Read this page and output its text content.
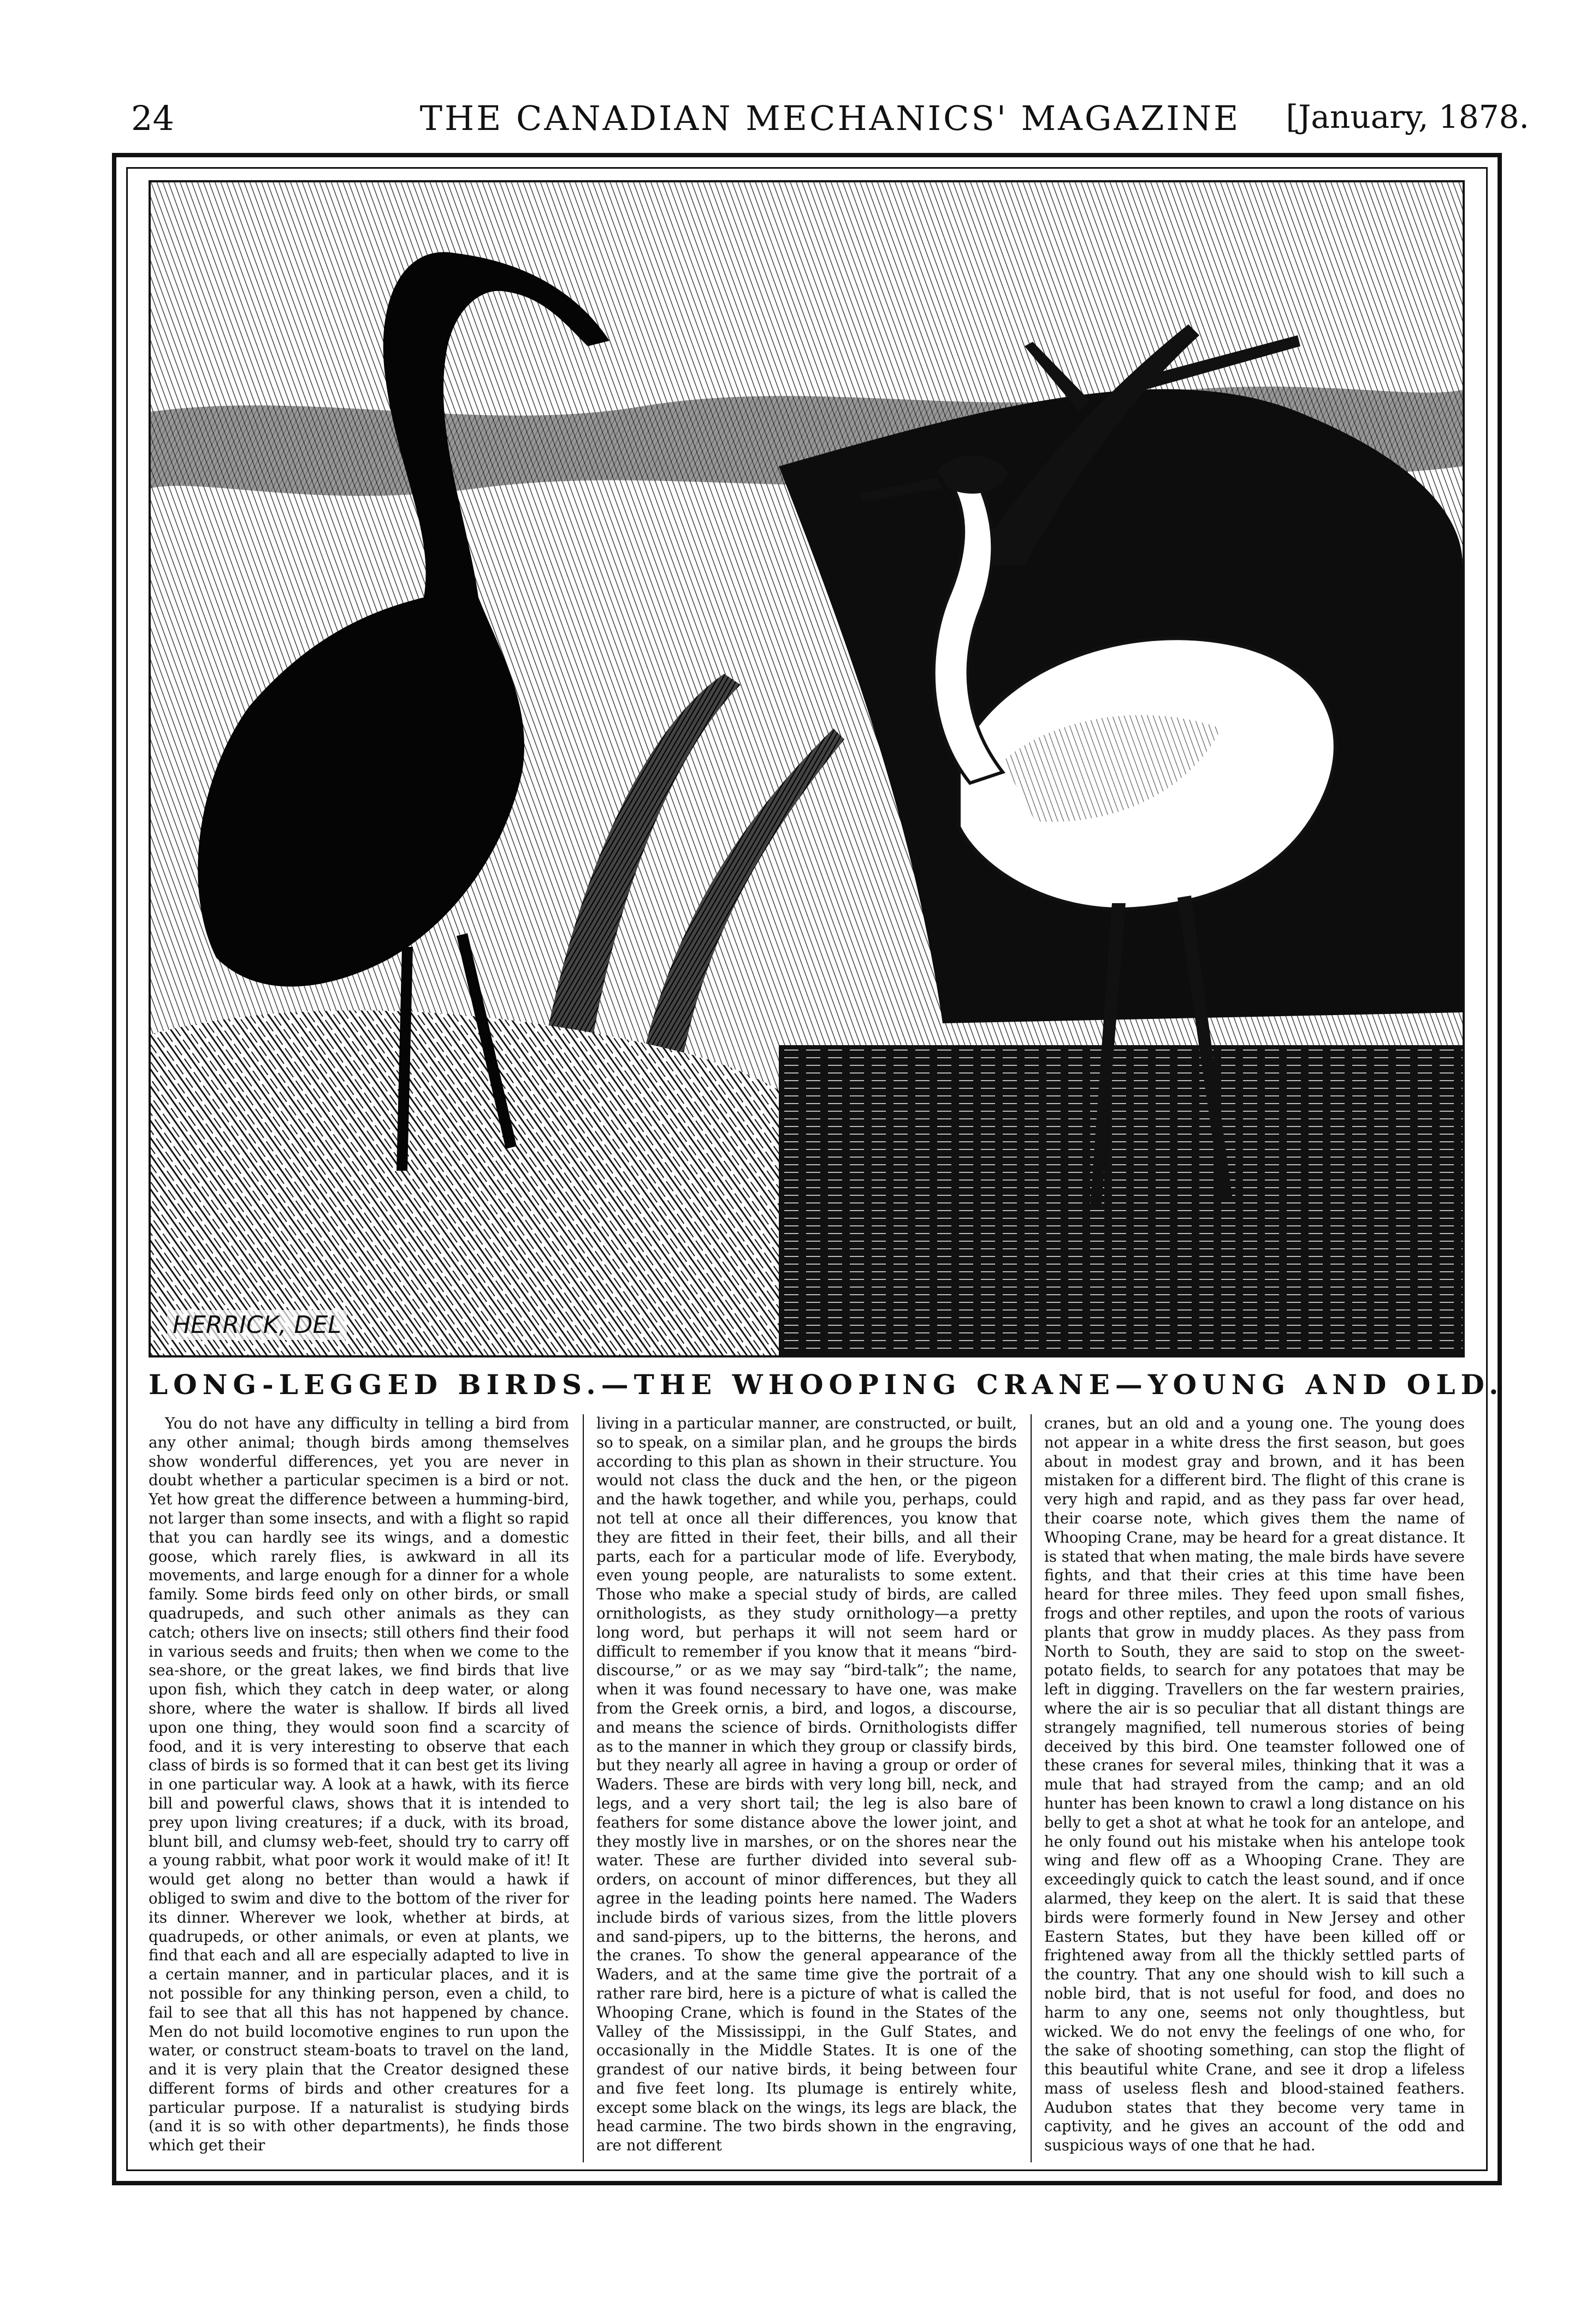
24	THE CANADIAN MECHANICS' MAGAZINE	[January, 1878.
HERRICK, DEL
LONG-LEGGED BIRDS.—THE WHOOPING CRANE—YOUNG AND OLD.

You do not have any difficulty in telling a bird from any other animal; though birds among themselves show wonderful differences, yet you are never in doubt whether a particular specimen is a bird or not. Yet how great the difference between a humming-bird, not larger than some insects, and with a flight so rapid that you can hardly see its wings, and a domestic goose, which rarely flies, is awkward in all its movements, and large enough for a dinner for a whole family. Some birds feed only on other birds, or small quadrupeds, and such other animals as they can catch; others live on insects; still others find their food in various seeds and fruits; then when we come to the sea-shore, or the great lakes, we find birds that live upon fish, which they catch in deep water, or along shore, where the water is shallow. If birds all lived upon one thing, they would soon find a scarcity of food, and it is very interesting to observe that each class of birds is so formed that it can best get its living in one particular way. A look at a hawk, with its fierce bill and powerful claws, shows that it is intended to prey upon living creatures; if a duck, with its broad, blunt bill, and clumsy web-feet, should try to carry off a young rabbit, what poor work it would make of it! It would get along no better than would a hawk if obliged to swim and dive to the bottom of the river for its dinner. Wherever we look, whether at birds, at quadrupeds, or other animals, or even at plants, we find that each and all are especially adapted to live in a certain manner, and in particular places, and it is not possible for any thinking person, even a child, to fail to see that all this has not happened by chance. Men do not build locomotive engines to run upon the water, or construct steam-boats to travel on the land, and it is very plain that the Creator designed these different forms of birds and other creatures for a particular purpose. If a naturalist is studying birds (and it is so with other departments), he finds those which get their

living in a particular manner, are constructed, or built, so to speak, on a similar plan, and he groups the birds according to this plan as shown in their structure. You would not class the duck and the hen, or the pigeon and the hawk together, and while you, perhaps, could not tell at once all their differences, you know that they are fitted in their feet, their bills, and all their parts, each for a particular mode of life. Everybody, even young people, are naturalists to some extent. Those who make a special study of birds, are called ornithologists, as they study ornithology—a pretty long word, but perhaps it will not seem hard or difficult to remember if you know that it means “bird-discourse,” or as we may say “bird-talk”; the name, when it was found necessary to have one, was make from the Greek ornis, a bird, and logos, a discourse, and means the science of birds. Ornithologists differ as to the manner in which they group or classify birds, but they nearly all agree in having a group or order of Waders. These are birds with very long bill, neck, and legs, and a very short tail; the leg is also bare of feathers for some distance above the lower joint, and they mostly live in marshes, or on the shores near the water. These are further divided into several sub-orders, on account of minor differences, but they all agree in the leading points here named. The Waders include birds of various sizes, from the little plovers and sand-pipers, up to the bitterns, the herons, and the cranes. To show the general appearance of the Waders, and at the same time give the portrait of a rather rare bird, here is a picture of what is called the Whooping Crane, which is found in the States of the Valley of the Mississippi, in the Gulf States, and occasionally in the Middle States. It is one of the grandest of our native birds, it being between four and five feet long. Its plumage is entirely white, except some black on the wings, its legs are black, the head carmine. The two birds shown in the engraving, are not different

cranes, but an old and a young one. The young does not appear in a white dress the first season, but goes about in modest gray and brown, and it has been mistaken for a different bird. The flight of this crane is very high and rapid, and as they pass far over head, their coarse note, which gives them the name of Whooping Crane, may be heard for a great distance. It is stated that when mating, the male birds have severe fights, and that their cries at this time have been heard for three miles. They feed upon small fishes, frogs and other reptiles, and upon the roots of various plants that grow in muddy places. As they pass from North to South, they are said to stop on the sweet-potato fields, to search for any potatoes that may be left in digging. Travellers on the far western prairies, where the air is so peculiar that all distant things are strangely magnified, tell numerous stories of being deceived by this bird. One teamster followed one of these cranes for several miles, thinking that it was a mule that had strayed from the camp; and an old hunter has been known to crawl a long distance on his belly to get a shot at what he took for an antelope, and he only found out his mistake when his antelope took wing and flew off as a Whooping Crane. They are exceedingly quick to catch the least sound, and if once alarmed, they keep on the alert. It is said that these birds were formerly found in New Jersey and other Eastern States, but they have been killed off or frightened away from all the thickly settled parts of the country. That any one should wish to kill such a noble bird, that is not useful for food, and does no harm to any one, seems not only thoughtless, but wicked. We do not envy the feelings of one who, for the sake of shooting something, can stop the flight of this beautiful white Crane, and see it drop a lifeless mass of useless flesh and blood-stained feathers. Audubon states that they become very tame in captivity, and he gives an account of the odd and suspicious ways of one that he had.
